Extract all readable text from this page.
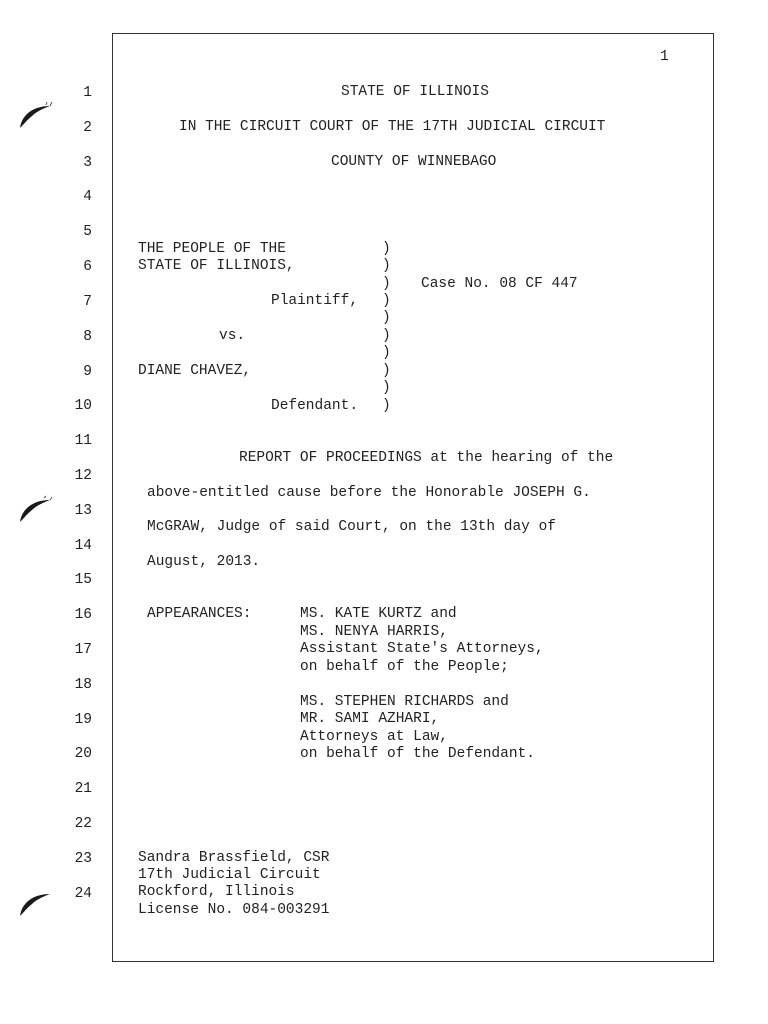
1
2
3
4
5
6
7
8
9
10
11
12
13
14
15
16
17
18
19
20
21
22
23
24
1
STATE OF ILLINOIS
IN THE CIRCUIT COURT OF THE 17TH JUDICIAL CIRCUIT
COUNTY OF WINNEBAGO
THE PEOPLE OF THE
STATE OF ILLINOIS,
Plaintiff,
vs.
DIANE CHAVEZ,
Defendant.
)
)
)
)
)
)
)
)
)
)
Case No. 08 CF 447
REPORT OF PROCEEDINGS at the hearing of the
above-entitled cause before the Honorable JOSEPH G.
McGRAW, Judge of said Court, on the 13th day of
August, 2013.
APPEARANCES:	MS. KATE KURTZ and
MS. NENYA HARRIS,
Assistant State's Attorneys,
on behalf of the People;
MS. STEPHEN RICHARDS and
MR. SAMI AZHARI,
Attorneys at Law,
on behalf of the Defendant.
Sandra Brassfield, CSR
17th Judicial Circuit
Rockford, Illinois
License No. 084-003291
